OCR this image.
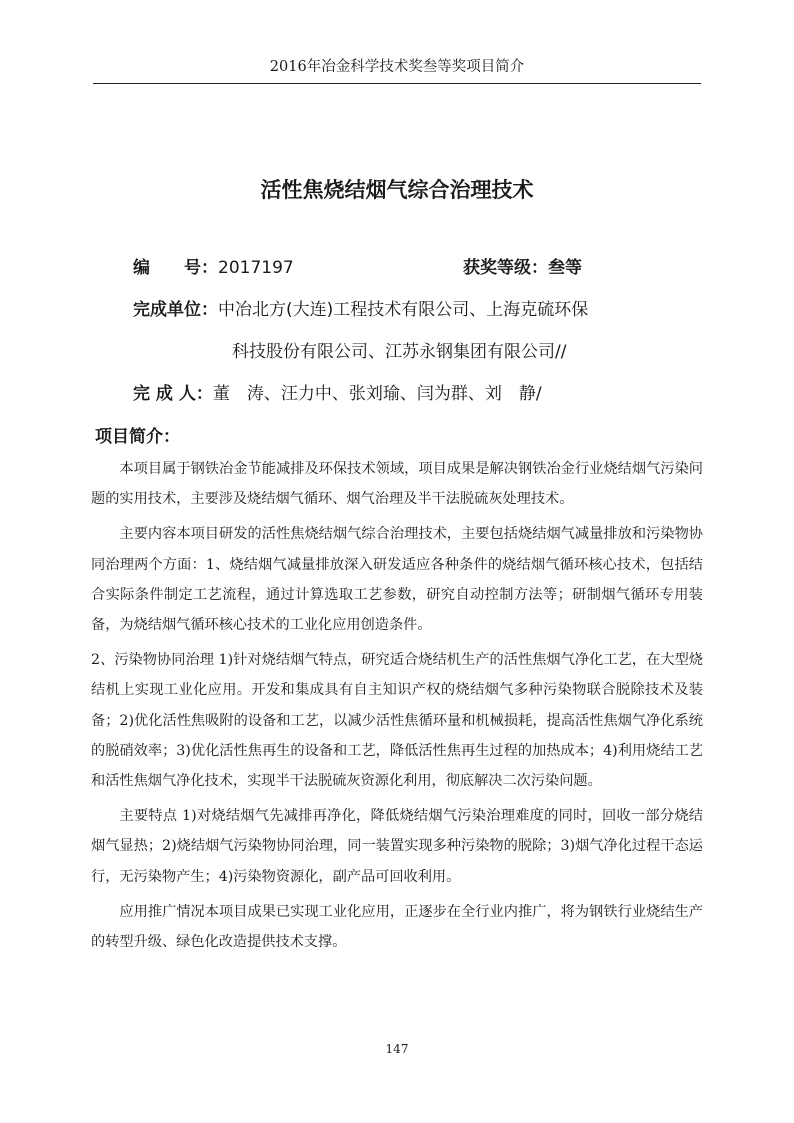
2016年冶金科学技术奖叁等奖项目简介
活性焦烧结烟气综合治理技术
编　　号：2017197	获奖等级：叁等
完成单位：中冶北方(大连)工程技术有限公司、上海克硫环保
科技股份有限公司、江苏永钢集团有限公司//
完 成 人：董　涛、汪力中、张刘瑜、闫为群、刘　静/
项目简介：

本项目属于钢铁冶金节能减排及环保技术领域，项目成果是解决钢铁冶金行业烧结烟气污染问题的实用技术，主要涉及烧结烟气循环、烟气治理及半干法脱硫灰处理技术。

主要内容本项目研发的活性焦烧结烟气综合治理技术，主要包括烧结烟气减量排放和污染物协同治理两个方面：1、烧结烟气减量排放深入研发适应各种条件的烧结烟气循环核心技术，包括结合实际条件制定工艺流程，通过计算选取工艺参数，研究自动控制方法等；研制烟气循环专用装备，为烧结烟气循环核心技术的工业化应用创造条件。

2、污染物协同治理 1)针对烧结烟气特点，研究适合烧结机生产的活性焦烟气净化工艺，在大型烧结机上实现工业化应用。开发和集成具有自主知识产权的烧结烟气多种污染物联合脱除技术及装备；2)优化活性焦吸附的设备和工艺，以减少活性焦循环量和机械损耗，提高活性焦烟气净化系统的脱硝效率；3)优化活性焦再生的设备和工艺，降低活性焦再生过程的加热成本；4)利用烧结工艺和活性焦烟气净化技术，实现半干法脱硫灰资源化利用，彻底解决二次污染问题。

主要特点 1)对烧结烟气先减排再净化，降低烧结烟气污染治理难度的同时，回收一部分烧结烟气显热；2)烧结烟气污染物协同治理，同一装置实现多种污染物的脱除；3)烟气净化过程干态运行，无污染物产生；4)污染物资源化，副产品可回收利用。

应用推广情况本项目成果已实现工业化应用，正逐步在全行业内推广，将为钢铁行业烧结生产的转型升级、绿色化改造提供技术支撑。

147
